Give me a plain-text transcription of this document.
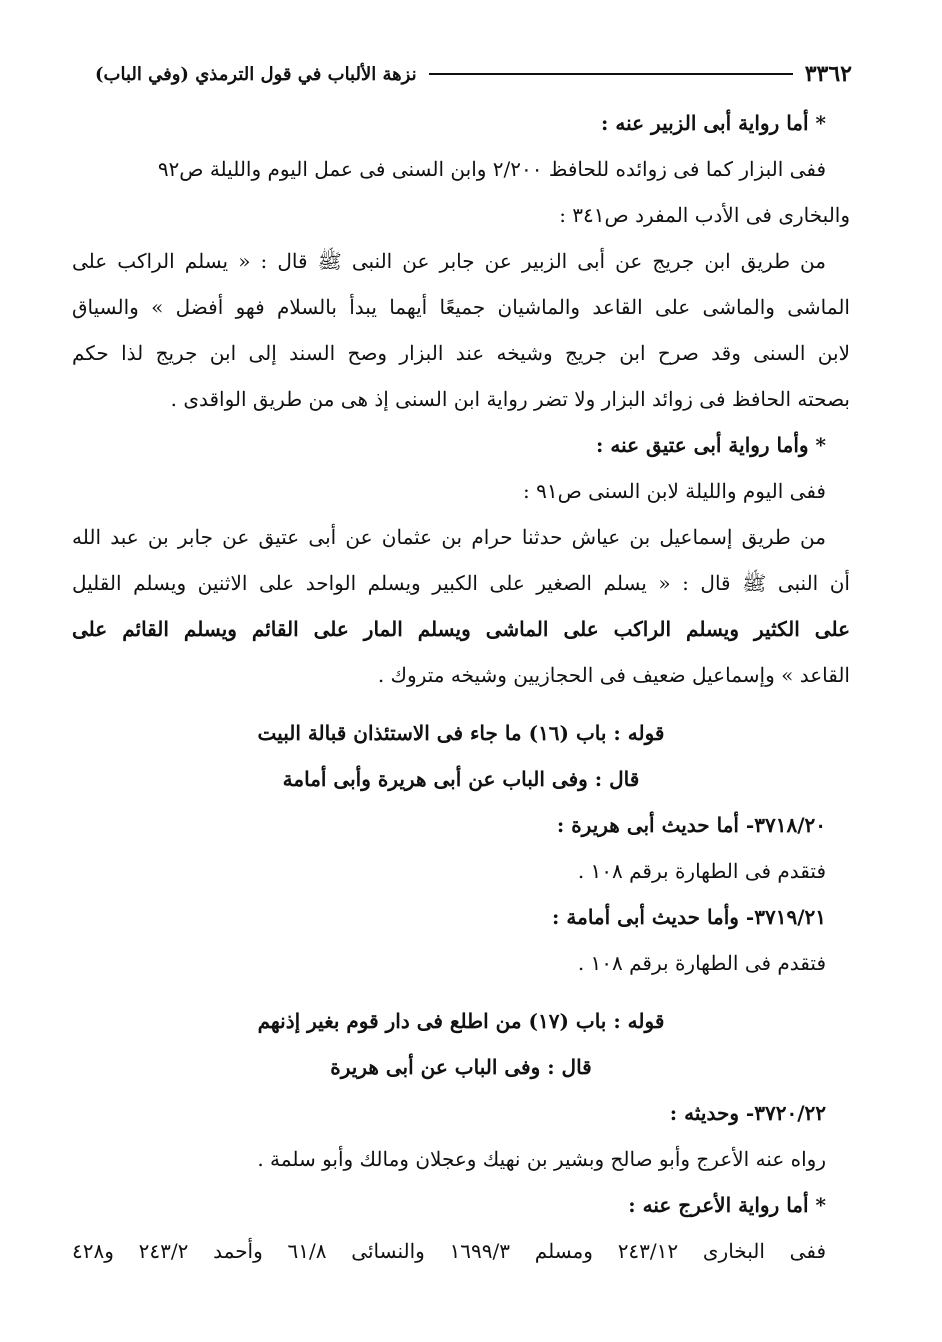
٣٣٦٢
نزهة الألباب في قول الترمذي (وفي الباب)
* أما رواية أبى الزبير عنه :
ففى البزار كما فى زوائده للحافظ ٢/٢٠٠ وابن السنى فى عمل اليوم والليلة ص٩٢
والبخارى فى الأدب المفرد ص٣٤١ :
من طريق ابن جريج عن أبى الزبير عن جابر عن النبى ﷺ قال : « يسلم الراكب على
الماشى والماشى على القاعد والماشيان جميعًا أيهما يبدأ بالسلام فهو أفضل » والسياق
لابن السنى وقد صرح ابن جريج وشيخه عند البزار وصح السند إلى ابن جريج لذا حكم
بصحته الحافظ فى زوائد البزار ولا تضر رواية ابن السنى إذ هى من طريق الواقدى .
* وأما رواية أبى عتيق عنه :
ففى اليوم والليلة لابن السنى ص٩١ :
من طريق إسماعيل بن عياش حدثنا حرام بن عثمان عن أبى عتيق عن جابر بن عبد الله
أن النبى ﷺ قال : « يسلم الصغير على الكبير ويسلم الواحد على الاثنين ويسلم القليل
على الكثير ويسلم الراكب على الماشى ويسلم المار على القائم ويسلم القائم على
القاعد » وإسماعيل ضعيف فى الحجازيين وشيخه متروك .
قوله : باب (١٦) ما جاء فى الاستئذان قبالة البيت
قال : وفى الباب عن أبى هريرة وأبى أمامة
٣٧١٨/٢٠- أما حديث أبى هريرة :
فتقدم فى الطهارة برقم ١٠٨ .
٣٧١٩/٢١- وأما حديث أبى أمامة :
فتقدم فى الطهارة برقم ١٠٨ .
قوله : باب (١٧) من اطلع فى دار قوم بغير إذنهم
قال : وفى الباب عن أبى هريرة
٣٧٢٠/٢٢- وحديثه :
رواه عنه الأعرج وأبو صالح وبشير بن نهيك وعجلان ومالك وأبو سلمة .
* أما رواية الأعرج عنه :
ففى البخارى ٢٤٣/١٢ ومسلم ١٦٩٩/٣ والنسائى ٦١/٨ وأحمد ٢٤٣/٢ و٤٢٨
